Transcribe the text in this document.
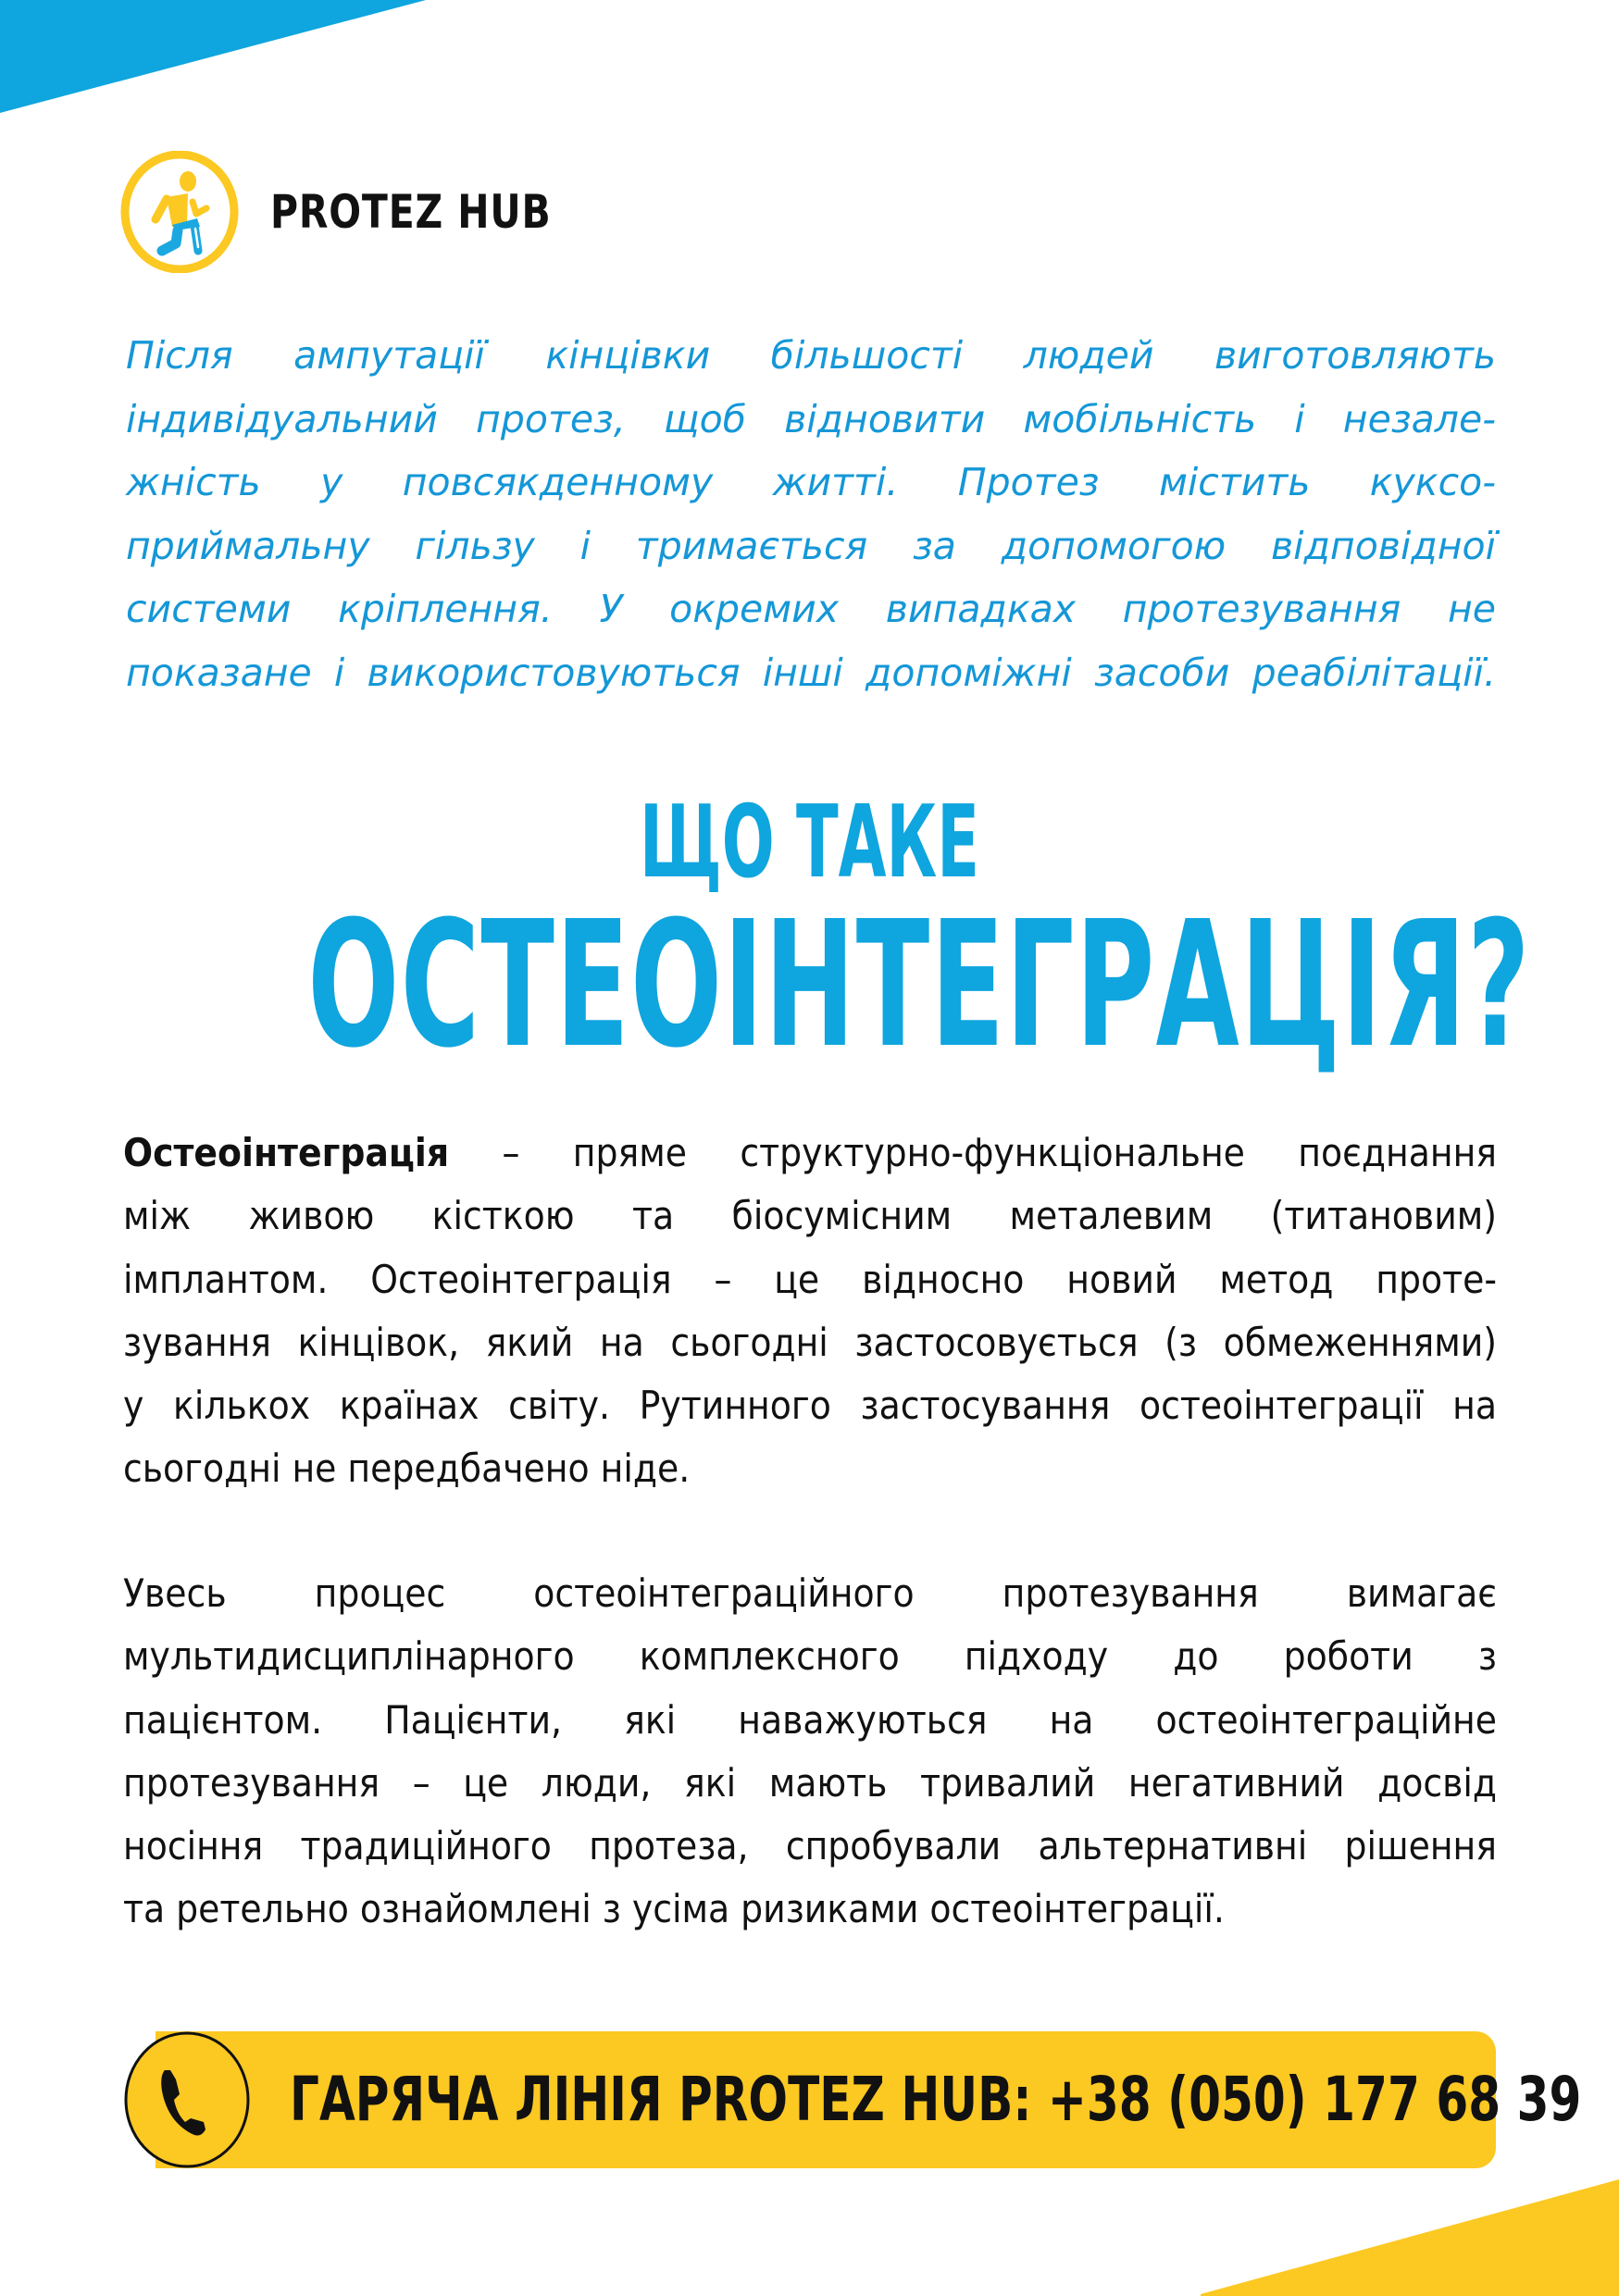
PROTEZ HUB
Після ампутації кінцівки більшості людей виготовляють
індивідуальний протез, щоб відновити мобільність і незале-
жність у повсякденному житті. Протез містить куксо-
приймальну гільзу і тримається за допомогою відповідної
системи кріплення. У окремих випадках протезування не
показане і використовуються інші допоміжні засоби реабілітації.
ЩО ТАКЕ
ОСТЕОІНТЕГРАЦІЯ?
Остеоінтеграція – пряме структурно-функціональне поєднання
між живою кісткою та біосумісним металевим (титановим)
імплантом. Остеоінтеграція – це відносно новий метод проте-
зування кінцівок, який на сьогодні застосовується (з обмеженнями)
у кількох країнах світу. Рутинного застосування остеоінтеграції на
сьогодні не передбачено ніде.
Увесь процес остеоінтеграційного протезування вимагає
мультидисциплінарного комплексного підходу до роботи з
пацієнтом. Пацієнти, які наважуються на остеоінтеграційне
протезування – це люди, які мають тривалий негативний досвід
носіння традиційного протеза, спробували альтернативні рішення
та ретельно ознайомлені з усіма ризиками остеоінтеграції.
ГАРЯЧА ЛІНІЯ PROTEZ HUB: +38 (050) 177 68 39
